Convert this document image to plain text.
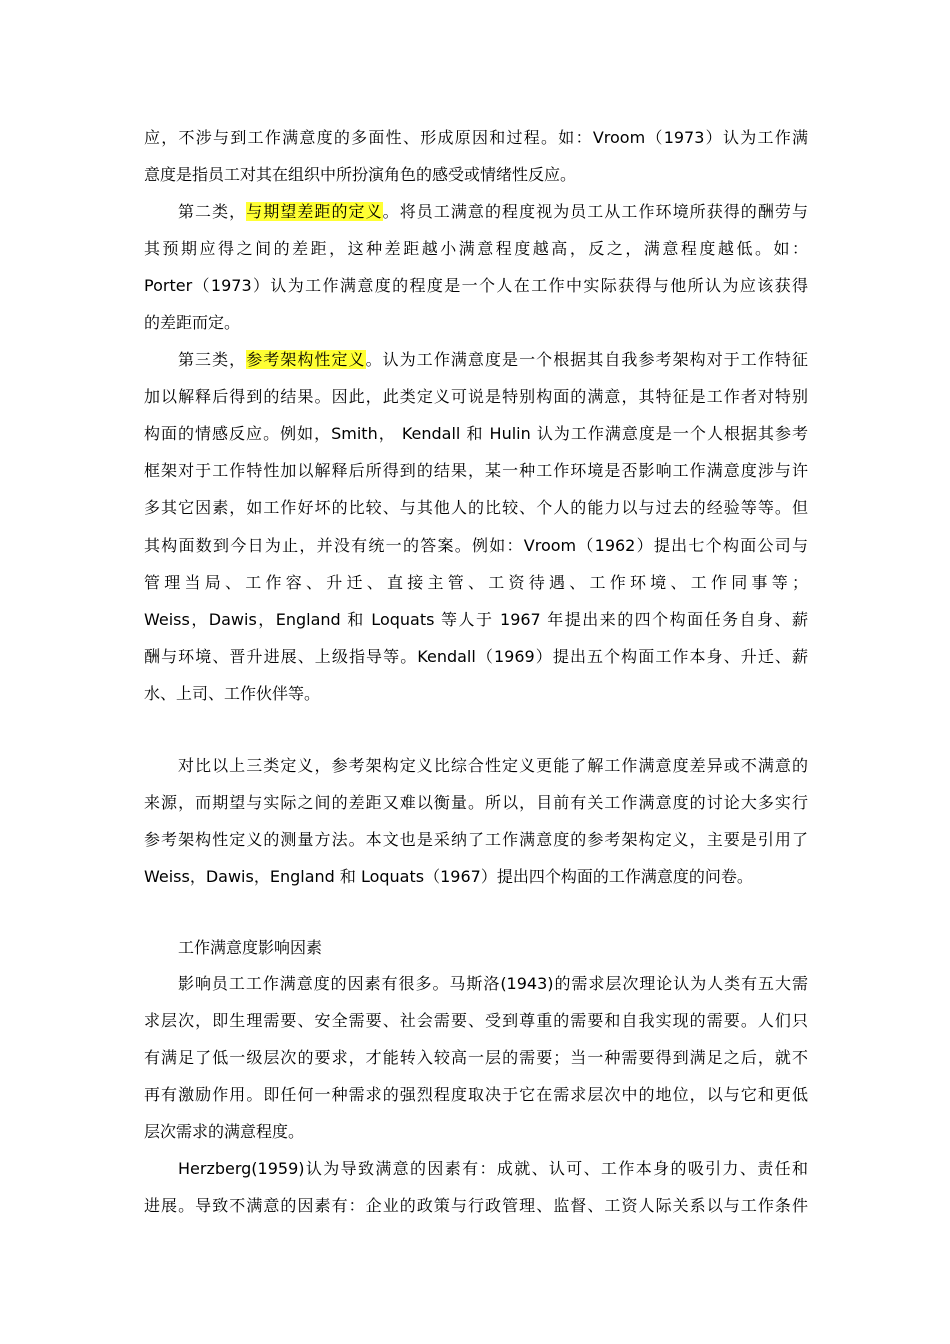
应，不涉与到工作满意度的多面性、形成原因和过程。如：Vroom（1973）认为工作满
意度是指员工对其在组织中所扮演角色的感受或情绪性反应。
第二类，与期望差距的定义。将员工满意的程度视为员工从工作环境所获得的酬劳与
其预期应得之间的差距，这种差距越小满意程度越高，反之，满意程度越低。如：
Porter（1973）认为工作满意度的程度是一个人在工作中实际获得与他所认为应该获得
的差距而定。
第三类，参考架构性定义。认为工作满意度是一个根据其自我参考架构对于工作特征
加以解释后得到的结果。因此，此类定义可说是特别构面的满意，其特征是工作者对特别
构面的情感反应。例如，Smith， Kendall 和 Hulin 认为工作满意度是一个人根据其参考
框架对于工作特性加以解释后所得到的结果，某一种工作环境是否影响工作满意度涉与许
多其它因素，如工作好坏的比较、与其他人的比较、个人的能力以与过去的经验等等。但
其构面数到今日为止，并没有统一的答案。例如：Vroom（1962）提出七个构面公司与
管理当局、工作容、升迁、直接主管、工资待遇、工作环境、工作同事等；
Weiss，Dawis，England 和 Loquats 等人于 1967 年提出来的四个构面任务自身、薪
酬与环境、晋升进展、上级指导等。Kendall（1969）提出五个构面工作本身、升迁、薪
水、上司、工作伙伴等。
对比以上三类定义，参考架构定义比综合性定义更能了解工作满意度差异或不满意的
来源，而期望与实际之间的差距又难以衡量。所以，目前有关工作满意度的讨论大多实行
参考架构性定义的测量方法。本文也是采纳了工作满意度的参考架构定义，主要是引用了
Weiss，Dawis，England 和 Loquats（1967）提出四个构面的工作满意度的问卷。
工作满意度影响因素
影响员工工作满意度的因素有很多。马斯洛(1943)的需求层次理论认为人类有五大需
求层次，即生理需要、安全需要、社会需要、受到尊重的需要和自我实现的需要。人们只
有满足了低一级层次的要求，才能转入较高一层的需要；当一种需要得到满足之后，就不
再有激励作用。即任何一种需求的强烈程度取决于它在需求层次中的地位，以与它和更低
层次需求的满意程度。
Herzberg(1959)认为导致满意的因素有：成就、认可、工作本身的吸引力、责任和
进展。导致不满意的因素有：企业的政策与行政管理、监督、工资人际关系以与工作条件
